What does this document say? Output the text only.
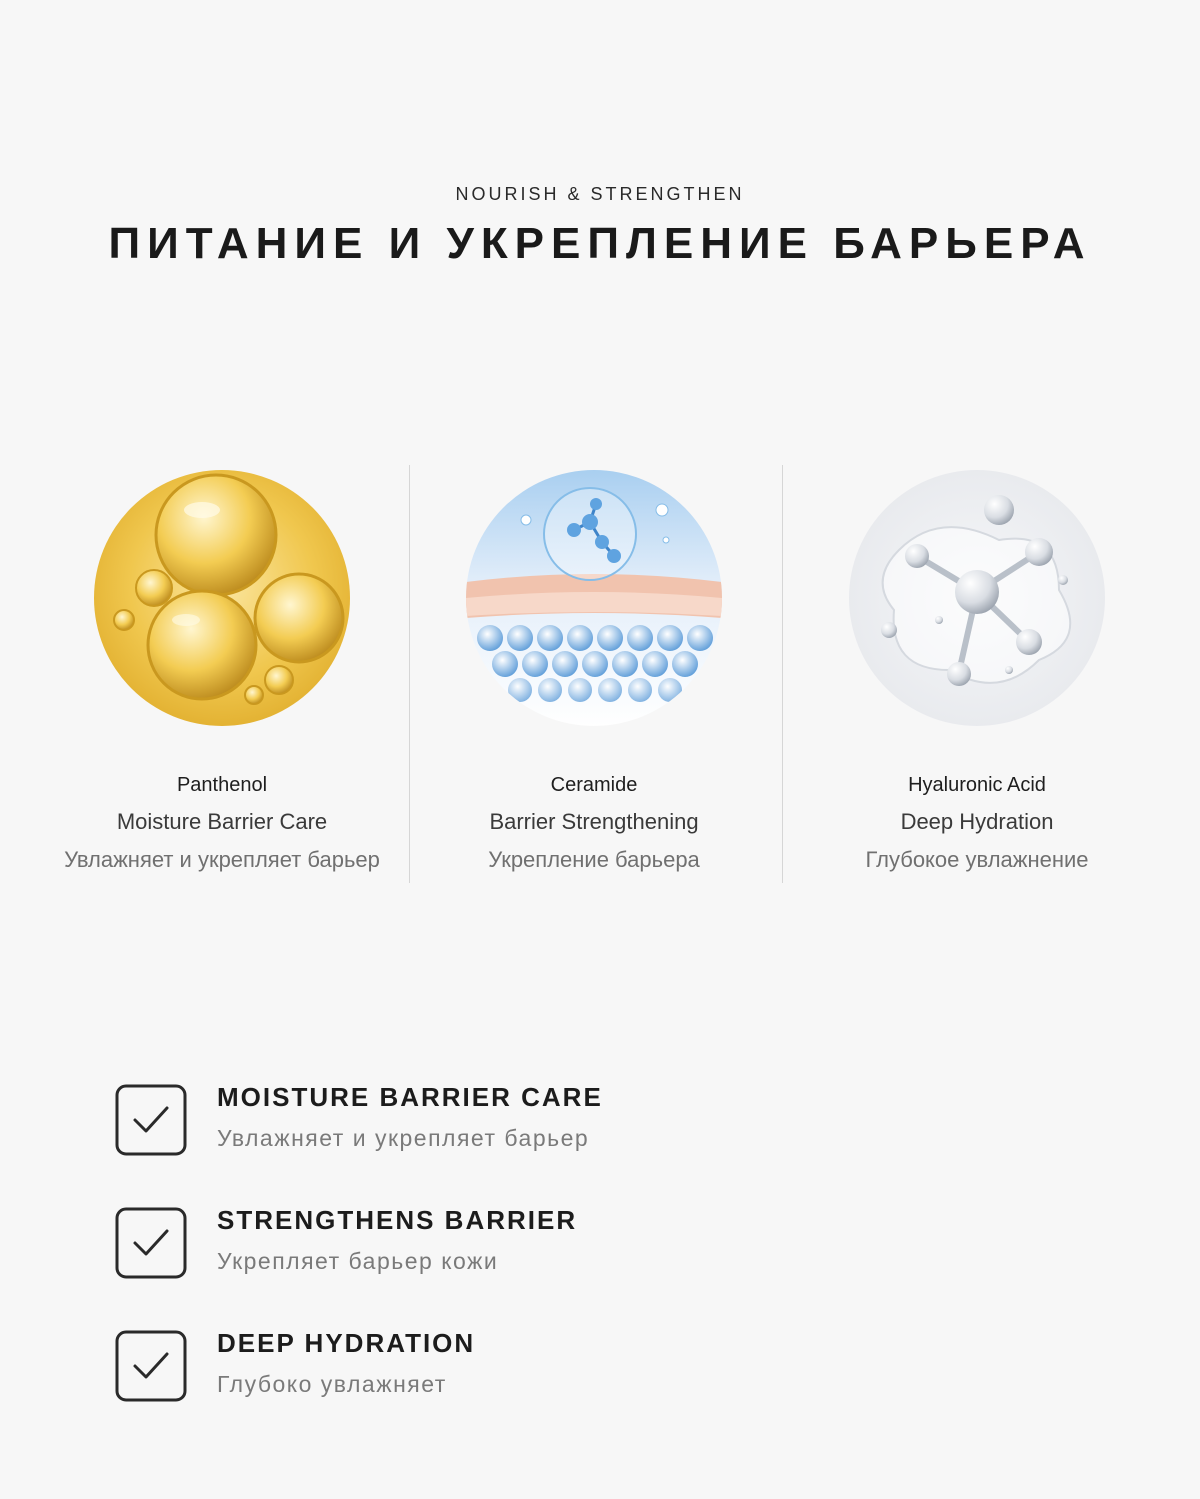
NOURISH & STRENGTHEN
ПИТАНИЕ И УКРЕПЛЕНИЕ БАРЬЕРА
Panthenol
Moisture Barrier Care
Увлажняет и укрепляет барьер
Ceramide
Barrier Strengthening
Укрепление барьера
Hyaluronic Acid
Deep Hydration
Глубокое увлажнение
MOISTURE BARRIER CARE
Увлажняет и укрепляет барьер
STRENGTHENS BARRIER
Укрепляет барьер кожи
DEEP HYDRATION
Глубоко увлажняет
